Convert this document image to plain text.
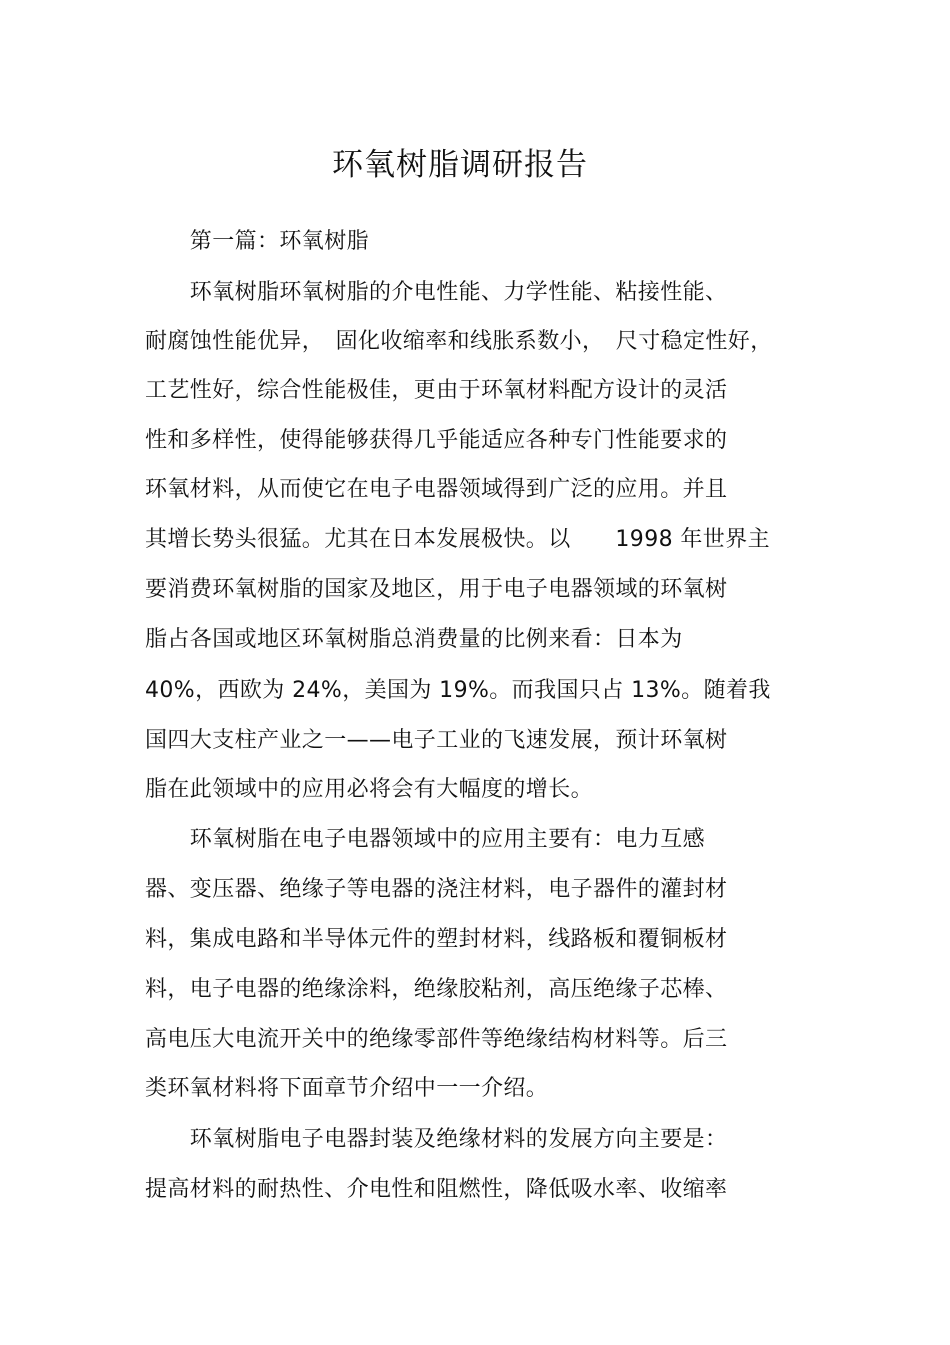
环氧树脂调研报告
　　第一篇：环氧树脂
　　环氧树脂环氧树脂的介电性能、力学性能、粘接性能、
耐腐蚀性能优异，　固化收缩率和线胀系数小，　尺寸稳定性好，
工艺性好，综合性能极佳，更由于环氧材料配方设计的灵活
性和多样性，使得能够获得几乎能适应各种专门性能要求的
环氧材料，从而使它在电子电器领域得到广泛的应用。并且
其增长势头很猛。尤其在日本发展极快。以　　1998 年世界主
要消费环氧树脂的国家及地区，用于电子电器领域的环氧树
脂占各国或地区环氧树脂总消费量的比例来看：日本为
40%，西欧为 24%，美国为 19%。而我国只占 13%。随着我
国四大支柱产业之一——电子工业的飞速发展，预计环氧树
脂在此领域中的应用必将会有大幅度的增长。
　　环氧树脂在电子电器领域中的应用主要有：电力互感
器、变压器、绝缘子等电器的浇注材料，电子器件的灌封材
料，集成电路和半导体元件的塑封材料，线路板和覆铜板材
料，电子电器的绝缘涂料，绝缘胶粘剂，高压绝缘子芯棒、
高电压大电流开关中的绝缘零部件等绝缘结构材料等。后三
类环氧材料将下面章节介绍中一一介绍。
　　环氧树脂电子电器封装及绝缘材料的发展方向主要是：
提高材料的耐热性、介电性和阻燃性，降低吸水率、收缩率
